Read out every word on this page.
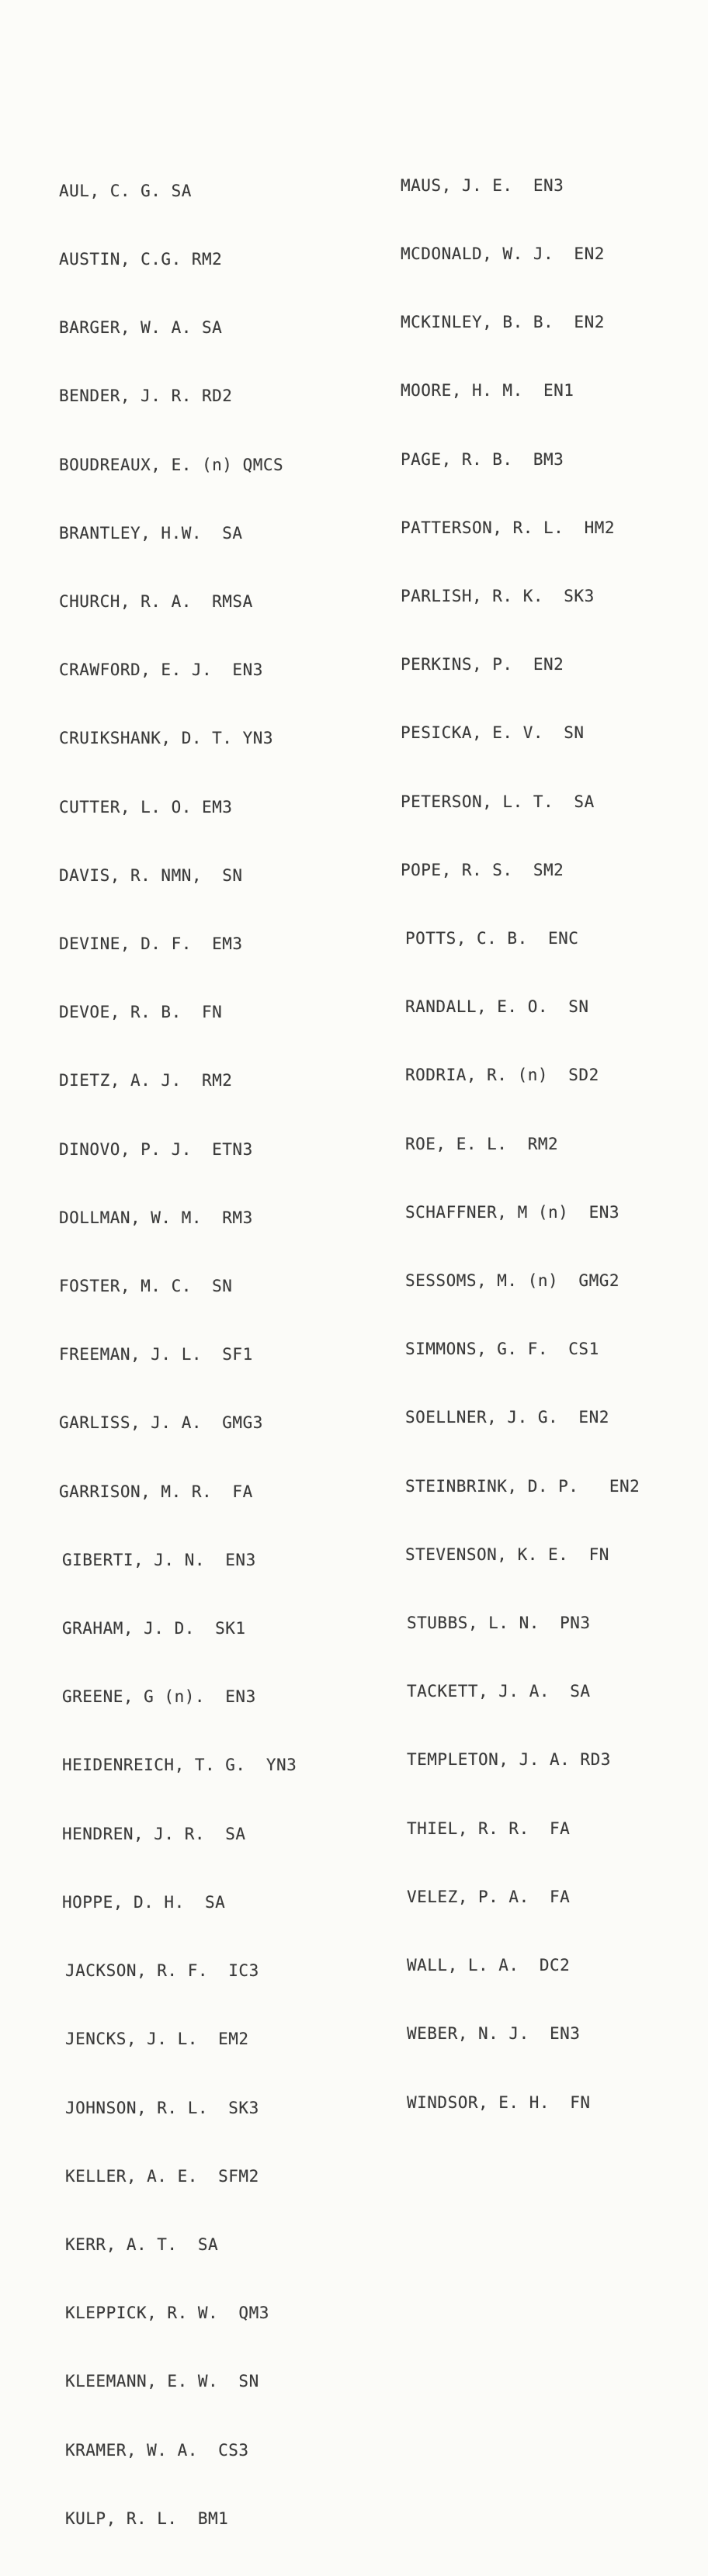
AUL, C. G. SA

AUSTIN, C.G. RM2

BARGER, W. A. SA

BENDER, J. R. RD2

BOUDREAUX, E. (n) QMCS

BRANTLEY, H.W.  SA

CHURCH, R. A.  RMSA

CRAWFORD, E. J.  EN3

CRUIKSHANK, D. T. YN3

CUTTER, L. O. EM3

DAVIS, R. NMN,  SN

DEVINE, D. F.  EM3

DEVOE, R. B.  FN

DIETZ, A. J.  RM2

DINOVO, P. J.  ETN3

DOLLMAN, W. M.  RM3

FOSTER, M. C.  SN

FREEMAN, J. L.  SF1

GARLISS, J. A.  GMG3

GARRISON, M. R.  FA

GIBERTI, J. N.  EN3

GRAHAM, J. D.  SK1

GREENE, G (n).  EN3

HEIDENREICH, T. G.  YN3

HENDREN, J. R.  SA

HOPPE, D. H.  SA

JACKSON, R. F.  IC3

JENCKS, J. L.  EM2

JOHNSON, R. L.  SK3

KELLER, A. E.  SFM2

KERR, A. T.  SA

KLEPPICK, R. W.  QM3

KLEEMANN, E. W.  SN

KRAMER, W. A.  CS3

KULP, R. L.  BM1

MAUS, J. E.  EN3

MCDONALD, W. J.  EN2

MCKINLEY, B. B.  EN2

MOORE, H. M.  EN1

PAGE, R. B.  BM3

PATTERSON, R. L.  HM2

PARLISH, R. K.  SK3

PERKINS, P.  EN2

PESICKA, E. V.  SN

PETERSON, L. T.  SA

POPE, R. S.  SM2

POTTS, C. B.  ENC

RANDALL, E. O.  SN

RODRIA, R. (n)  SD2

ROE, E. L.  RM2

SCHAFFNER, M (n)  EN3

SESSOMS, M. (n)  GMG2

SIMMONS, G. F.  CS1

SOELLNER, J. G.  EN2

STEINBRINK, D. P.   EN2

STEVENSON, K. E.  FN

STUBBS, L. N.  PN3

TACKETT, J. A.  SA

TEMPLETON, J. A. RD3

THIEL, R. R.  FA

VELEZ, P. A.  FA

WALL, L. A.  DC2

WEBER, N. J.  EN3

WINDSOR, E. H.  FN
